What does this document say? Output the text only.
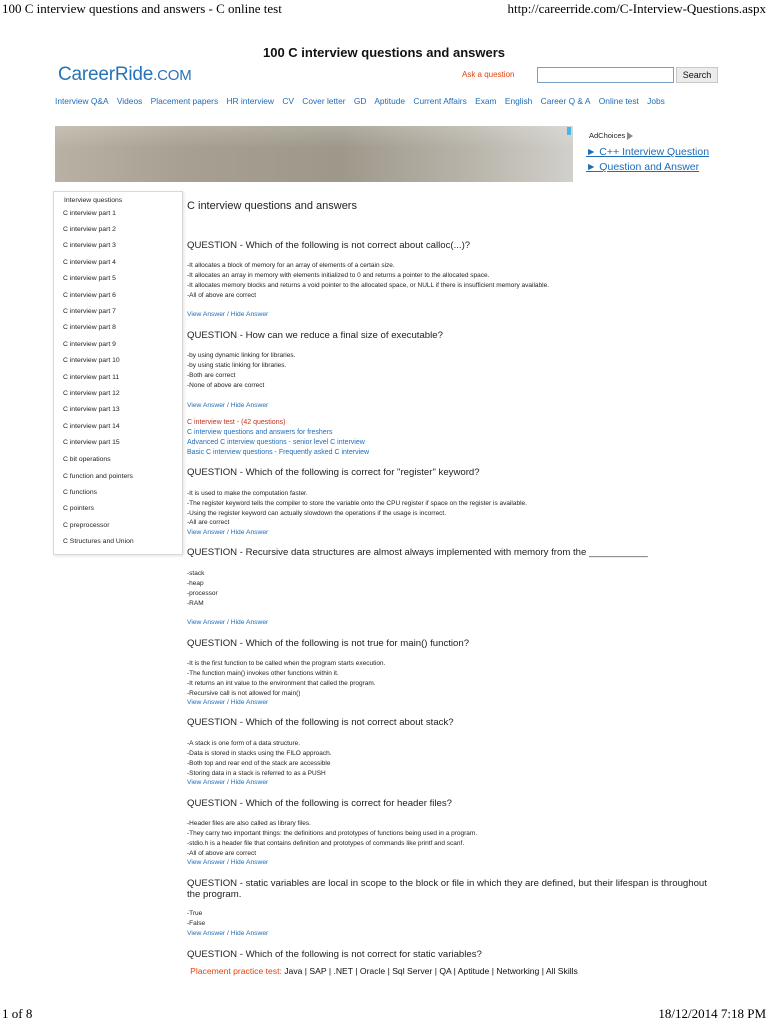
100 C interview questions and answers - C online test	http://careerride.com/C-Interview-Questions.aspx
100 C interview questions and answers
CareerRide.COM	Ask a question	Search
Interview Q&A Videos Placement papers HR interview CV Cover letter GD Aptitude Current Affairs Exam English Career Q & A Online test Jobs
AdChoices
► C++ Interview Question
► Question and Answer
Interview questions
C interview part 1
C interview part 2
C interview part 3
C interview part 4
C interview part 5
C interview part 6
C interview part 7
C interview part 8
C interview part 9
C interview part 10
C interview part 11
C interview part 12
C interview part 13
C interview part 14
C interview part 15
C bit operations
C function and pointers
C functions
C pointers
C preprocessor
C Structures and Union
C interview questions and answers
QUESTION - Which of the following is not correct about calloc(...)?
-It allocates a block of memory for an array of elements of a certain size.
-It allocates an array in memory with elements initialized to 0 and returns a pointer to the allocated space.
-It allocates memory blocks and returns a void pointer to the allocated space, or NULL if there is insufficient memory available.
-All of above are correct
View Answer / Hide Answer
QUESTION - How can we reduce a final size of executable?
-by using dynamic linking for libraries.
-by using static linking for libraries.
-Both are correct
-None of above are correct
View Answer / Hide Answer
C interview test - (42 questions)
C interview questions and answers for freshers
Advanced C interview questions - senior level C interview
Basic C interview questions - Frequently asked C interview
QUESTION - Which of the following is correct for "register" keyword?
-It is used to make the computation faster.
-The register keyword tells the compiler to store the variable onto the CPU register if space on the register is available.
-Using the register keyword can actually slowdown the operations if the usage is incorrect.
-All are correct
View Answer / Hide Answer
QUESTION - Recursive data structures are almost always implemented with memory from the ___________
-stack
-heap
-processor
-RAM
View Answer / Hide Answer
QUESTION - Which of the following is not true for main() function?
-It is the first function to be called when the program starts execution.
-The function main() invokes other functions within it.
-It returns an int value to the environment that called the program.
-Recursive call is not allowed for main()
View Answer / Hide Answer
QUESTION - Which of the following is not correct about stack?
-A stack is one form of a data structure.
-Data is stored in stacks using the FILO approach.
-Both top and rear end of the stack are accessible
-Storing data in a stack is referred to as a PUSH
View Answer / Hide Answer
QUESTION - Which of the following is correct for header files?
-Header files are also called as library files.
-They carry two important things: the definitions and prototypes of functions being used in a program.
-stdio.h is a header file that contains definition and prototypes of commands like printf and scanf.
-All of above are correct
View Answer / Hide Answer
QUESTION - static variables are local in scope to the block or file in which they are defined, but their lifespan is throughout the program.
-True
-False
View Answer / Hide Answer
QUESTION - Which of the following is not correct for static variables?
Placement practice test: Java | SAP | .NET | Oracle | Sql Server | QA | Aptitude | Networking | All Skills
1 of 8	18/12/2014 7:18 PM
